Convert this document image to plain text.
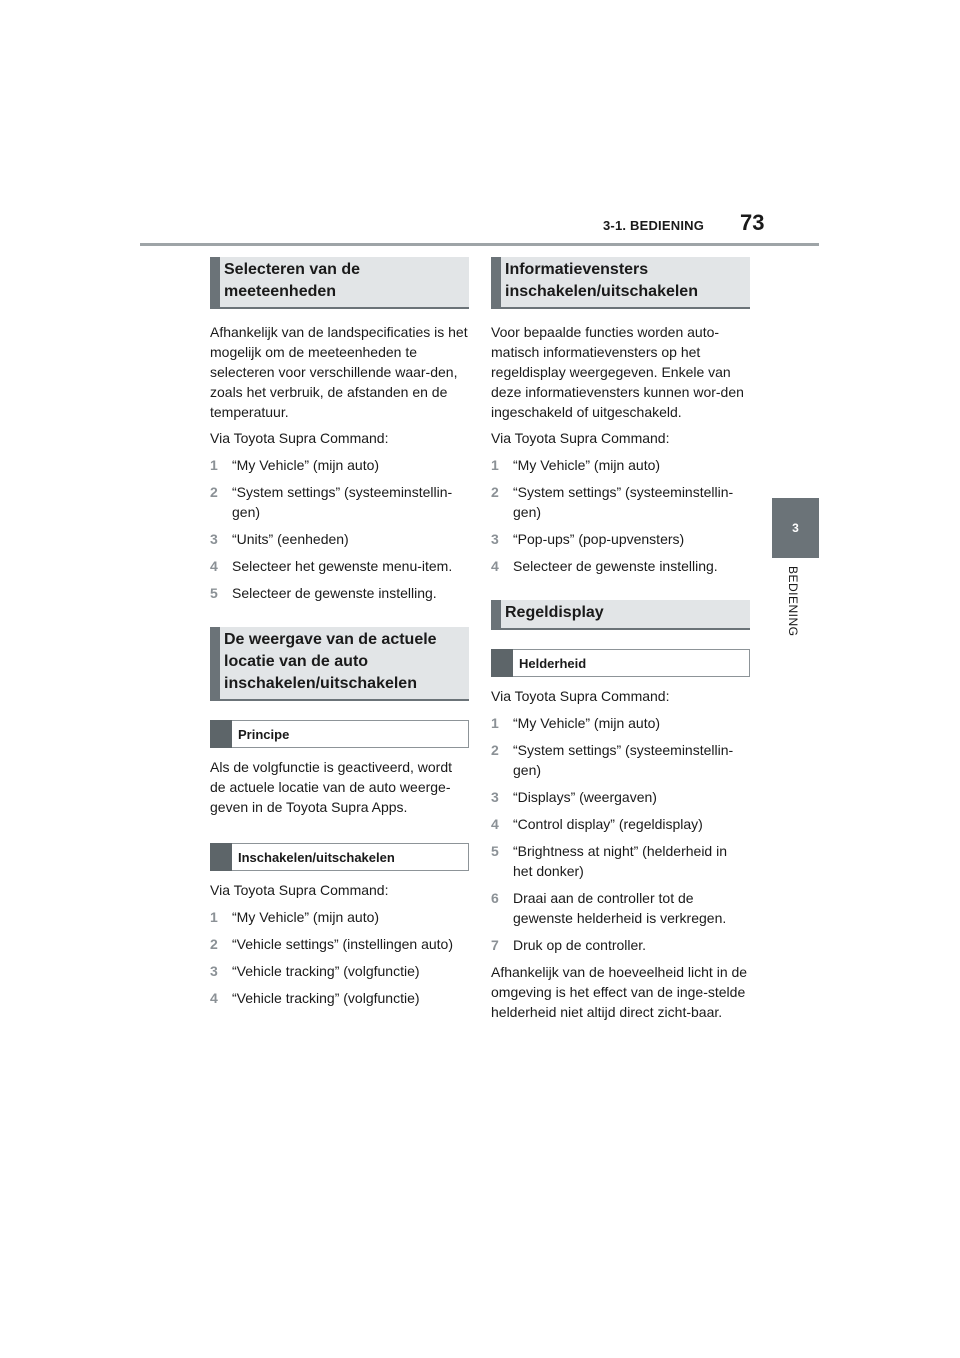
3-1. BEDIENING 73
3
BEDIENING
Selecteren van de meeteenheden

Afhankelijk van de landspecificaties is het mogelijk om de meeteenheden te selecteren voor verschillende waar-den, zoals het verbruik, de afstanden en de temperatuur.

Via Toyota Supra Command:

1 “My Vehicle” (mijn auto)
2 “System settings” (systeeminstellin-gen)
3 “Units” (eenheden)
4 Selecteer het gewenste menu-item.
5 Selecteer de gewenste instelling.
De weergave van de actuele locatie van de auto inschakelen/uitschakelen
Principe

Als de volgfunctie is geactiveerd, wordt de actuele locatie van de auto weerge-geven in de Toyota Supra Apps.

Inschakelen/uitschakelen

Via Toyota Supra Command:

1 “My Vehicle” (mijn auto)
2 “Vehicle settings” (instellingen auto)
3 “Vehicle tracking” (volgfunctie)
4 “Vehicle tracking” (volgfunctie)
Informatievensters inschakelen/uitschakelen

Voor bepaalde functies worden auto-matisch informatievensters op het regeldisplay weergegeven. Enkele van deze informatievensters kunnen wor-den ingeschakeld of uitgeschakeld.

Via Toyota Supra Command:

1 “My Vehicle” (mijn auto)
2 “System settings” (systeeminstellin-gen)
3 “Pop-ups” (pop-upvensters)
4 Selecteer de gewenste instelling.
Regeldisplay
Helderheid

Via Toyota Supra Command:

1 “My Vehicle” (mijn auto)
2 “System settings” (systeeminstellin-gen)
3 “Displays” (weergaven)
4 “Control display” (regeldisplay)
5 “Brightness at night” (helderheid in het donker)
6 Draai aan de controller tot de gewenste helderheid is verkregen.
7 Druk op de controller.

Afhankelijk van de hoeveelheid licht in de omgeving is het effect van de inge-stelde helderheid niet altijd direct zicht-baar.
